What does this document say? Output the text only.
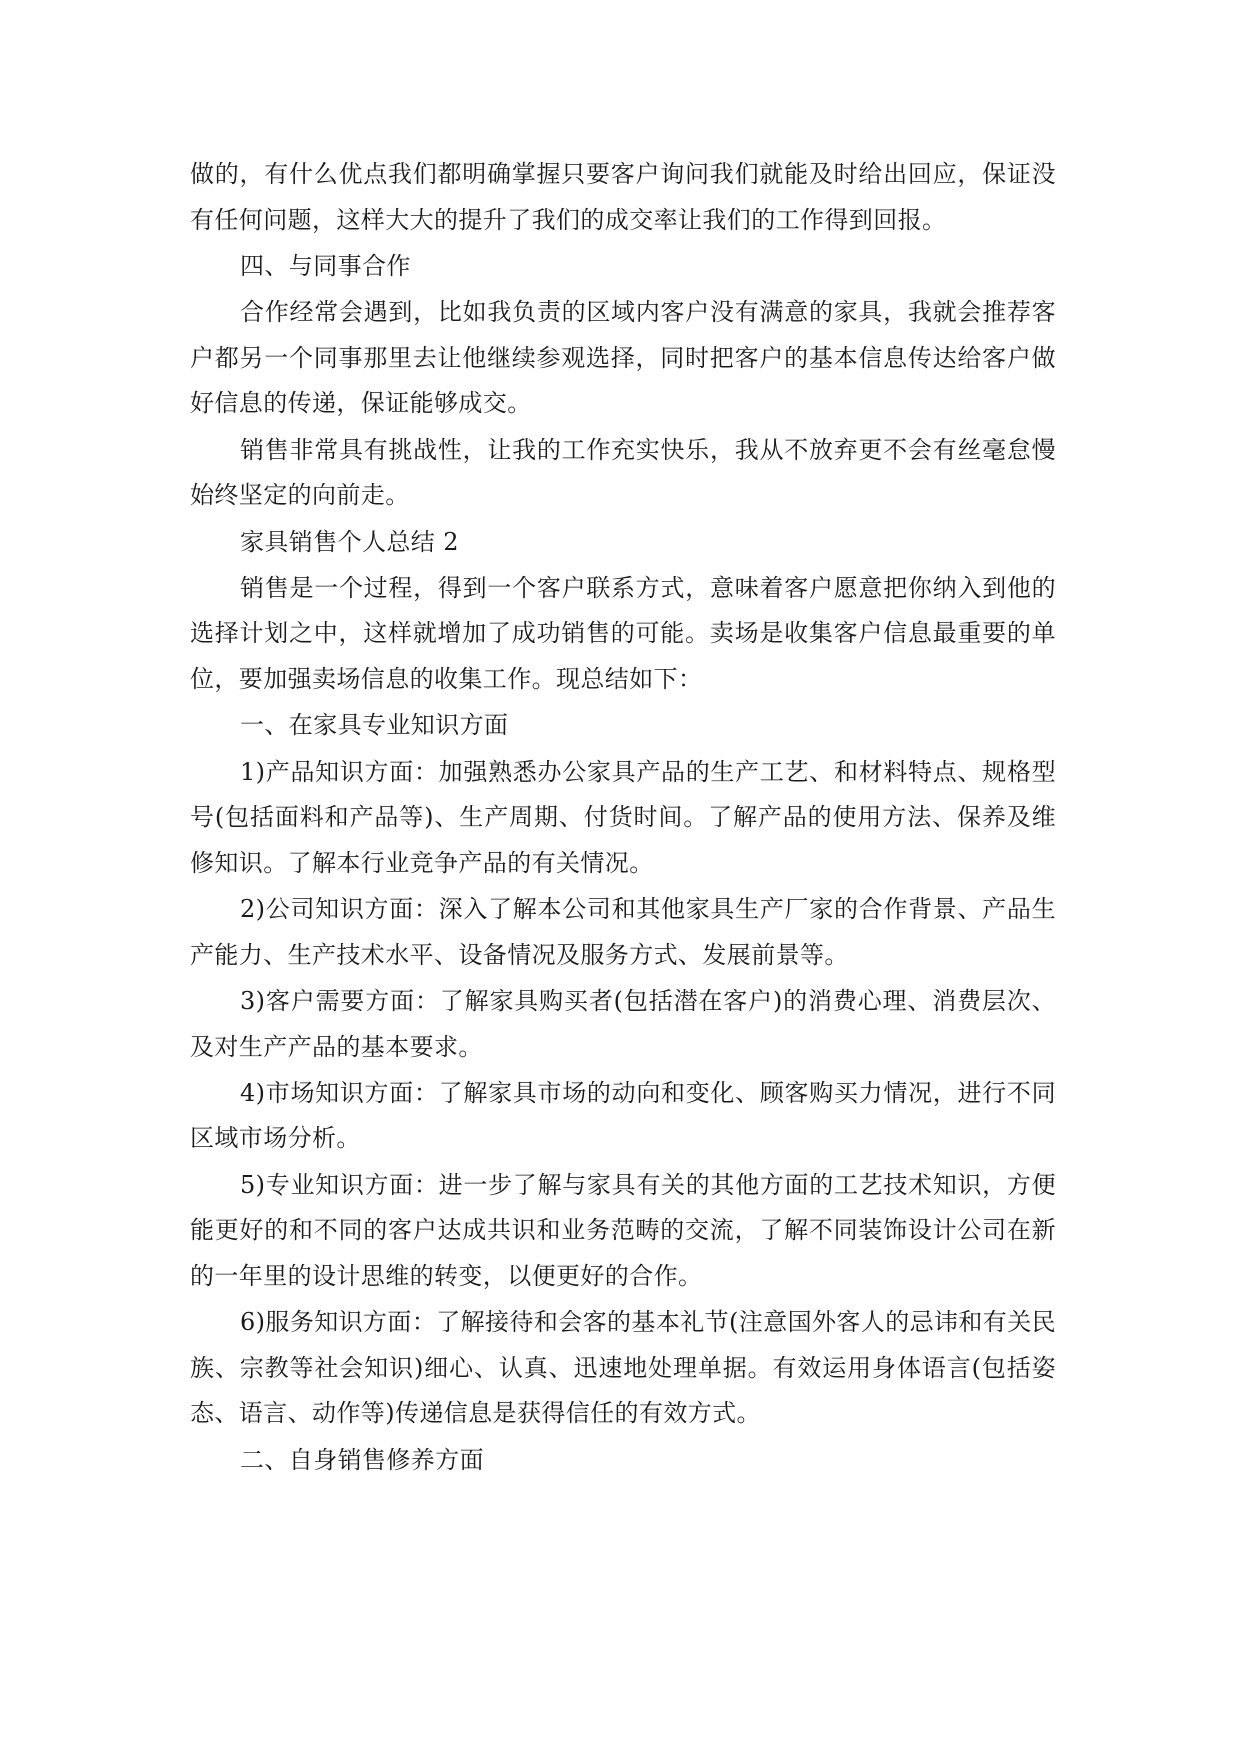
做的，有什么优点我们都明确掌握只要客户询问我们就能及时给出回应，保证没有任何问题，这样大大的提升了我们的成交率让我们的工作得到回报。

四、与同事合作

合作经常会遇到，比如我负责的区域内客户没有满意的家具，我就会推荐客户都另一个同事那里去让他继续参观选择，同时把客户的基本信息传达给客户做好信息的传递，保证能够成交。

销售非常具有挑战性，让我的工作充实快乐，我从不放弃更不会有丝毫怠慢始终坚定的向前走。

家具销售个人总结 2

销售是一个过程，得到一个客户联系方式，意味着客户愿意把你纳入到他的选择计划之中，这样就增加了成功销售的可能。卖场是收集客户信息最重要的单位，要加强卖场信息的收集工作。现总结如下：

一、在家具专业知识方面

1)产品知识方面：加强熟悉办公家具产品的生产工艺、和材料特点、规格型号(包括面料和产品等)、生产周期、付货时间。了解产品的使用方法、保养及维修知识。了解本行业竞争产品的有关情况。

2)公司知识方面：深入了解本公司和其他家具生产厂家的合作背景、产品生产能力、生产技术水平、设备情况及服务方式、发展前景等。

3)客户需要方面：了解家具购买者(包括潜在客户)的消费心理、消费层次、及对生产产品的基本要求。

4)市场知识方面：了解家具市场的动向和变化、顾客购买力情况，进行不同区域市场分析。

5)专业知识方面：进一步了解与家具有关的其他方面的工艺技术知识，方便能更好的和不同的客户达成共识和业务范畴的交流，了解不同装饰设计公司在新的一年里的设计思维的转变，以便更好的合作。

6)服务知识方面：了解接待和会客的基本礼节(注意国外客人的忌讳和有关民族、宗教等社会知识)细心、认真、迅速地处理单据。有效运用身体语言(包括姿态、语言、动作等)传递信息是获得信任的有效方式。

二、自身销售修养方面
